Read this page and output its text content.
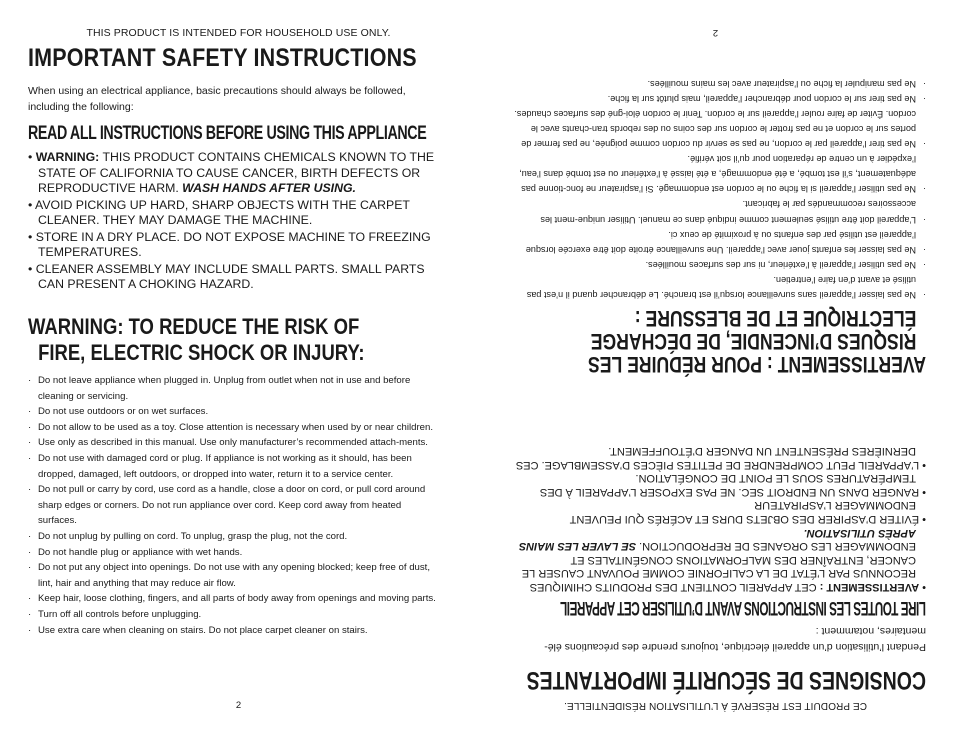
THIS PRODUCT IS INTENDED FOR HOUSEHOLD USE ONLY.
IMPORTANT SAFETY INSTRUCTIONS
When using an electrical appliance, basic precautions should always be followed, including the following:
READ ALL INSTRUCTIONS BEFORE USING THIS APPLIANCE
• WARNING: THIS PRODUCT CONTAINS CHEMICALS KNOWN TO THE STATE OF CALIFORNIA TO CAUSE CANCER, BIRTH DEFECTS OR REPRODUCTIVE HARM. WASH HANDS AFTER USING.
• AVOID PICKING UP HARD, SHARP OBJECTS WITH THE CARPET CLEANER. THEY MAY DAMAGE THE MACHINE.
• STORE IN A DRY PLACE. DO NOT EXPOSE MACHINE TO FREEZING TEMPERATURES.
• CLEANER ASSEMBLY MAY INCLUDE SMALL PARTS. SMALL PARTS CAN PRESENT A CHOKING HAZARD.
WARNING: TO REDUCE THE RISK OF
FIRE, ELECTRIC SHOCK OR INJURY:
· Do not leave appliance when plugged in. Unplug from outlet when not in use and before cleaning or servicing.
· Do not use outdoors or on wet surfaces.
· Do not allow to be used as a toy. Close attention is necessary when used by or near children.
· Use only as described in this manual. Use only manufacturer’s recommended attach-ments.
· Do not use with damaged cord or plug. If appliance is not working as it should, has been dropped, damaged, left outdoors, or dropped into water, return it to a service center.
· Do not pull or carry by cord, use cord as a handle, close a door on cord, or pull cord around sharp edges or corners. Do not run appliance over cord. Keep cord away from heated surfaces.
· Do not unplug by pulling on cord. To unplug, grasp the plug, not the cord.
· Do not handle plug or appliance with wet hands.
· Do not put any object into openings. Do not use with any opening blocked; keep free of dust, lint, hair and anything that may reduce air flow.
· Keep hair, loose clothing, fingers, and all parts of body away from openings and moving parts.
· Turn off all controls before unplugging.
· Use extra care when cleaning on stairs. Do not place carpet cleaner on stairs.
2	CE PRODUIT EST RÉSERVÉ À L’UTILISATION RÉSIDENTIELLE.
CONSIGNES DE SÉCURITÉ IMPORTANTES
Pendant l’utilisation d’un appareil électrique, toujours prendre des précautions élé-mentaires, notamment :
LIRE TOUTES LES INSTRUCTIONS AVANT D’UTILISER CET APPAREIL
• AVERTISSEMENT : CET APPAREIL CONTIENT DES PRODUITS CHIMIQUES RECONNUS PAR L’ÉTAT DE LA CALIFORNIE COMME POUVANT CAUSER LE CANCER, ENTRAÎNER DES MALFORMATIONS CONGÉNITALES ET ENDOMMAGER LES ORGANES DE REPRODUCTION. SE LAVER LES MAINS APRÈS UTILISATION.
• ÉVITER D’ASPIRER DES OBJETS DURS ET ACÉRÉS QUI PEUVENT ENDOMMAGER L’ASPIRATEUR
• RANGER DANS UN ENDROIT SEC. NE PAS EXPOSER L’APPAREIL À DES TEMPÉRATURES SOUS LE POINT DE CONGÉLATION.
• L’APPAREIL PEUT COMPRENDRE DE PETITES PIÈCES D’ASSEMBLAGE. CES DERNIÈRES PRÉSENTENT UN DANGER D’ÉTOUFFEMENT.
AVERTISSEMENT : POUR RÉDUIRE LES
RISQUES D’INCENDIE, DE DÉCHARGE
ÉLECTRIQUE ET DE BLESSURE :
· Ne pas laisser l’appareil sans surveillance lorsqu’il est branché. Le débrancher quand il n’est pas utilisé et avant d’en faire l’entretien.
· Ne pas utiliser l’appareil à l’extérieur, ni sur des surfaces mouillées.
· Ne pas laisser les enfants jouer avec l’appareil. Une surveillance étroite doit être exercée lorsque l’appareil est utilisé par des enfants ou à proximité de ceux ci.
· L’appareil doit être utilisé seulement comme indiqué dans ce manuel. Utiliser unique-ment les accessoires recommandés par le fabricant.
· Ne pas utiliser l’appareil si la fiche ou le cordon est endommagé. Si l’aspirateur ne fonc-tionne pas adéquatement, s’il est tombé, a été endommagé, a été laissé à l’extérieur ou est tombé dans l’eau, l’expédier à un centre de réparation pour qu’il soit vérifié.
· Ne pas tirer l’appareil par le cordon, ne pas se servir du cordon comme poignée, ne pas fermer de portes sur le cordon et ne pas frotter le cordon sur des coins ou des rebords tran-chants avec le cordon. Éviter de faire rouler l’appareil sur le cordon. Tenir le cordon éloi-gné des surfaces chaudes.
· Ne pas tirer sur le cordon pour débrancher l’appareil, mais plutôt sur la fiche.
· Ne pas manipuler la fiche ou l’aspirateur avec les mains mouillées.
2
